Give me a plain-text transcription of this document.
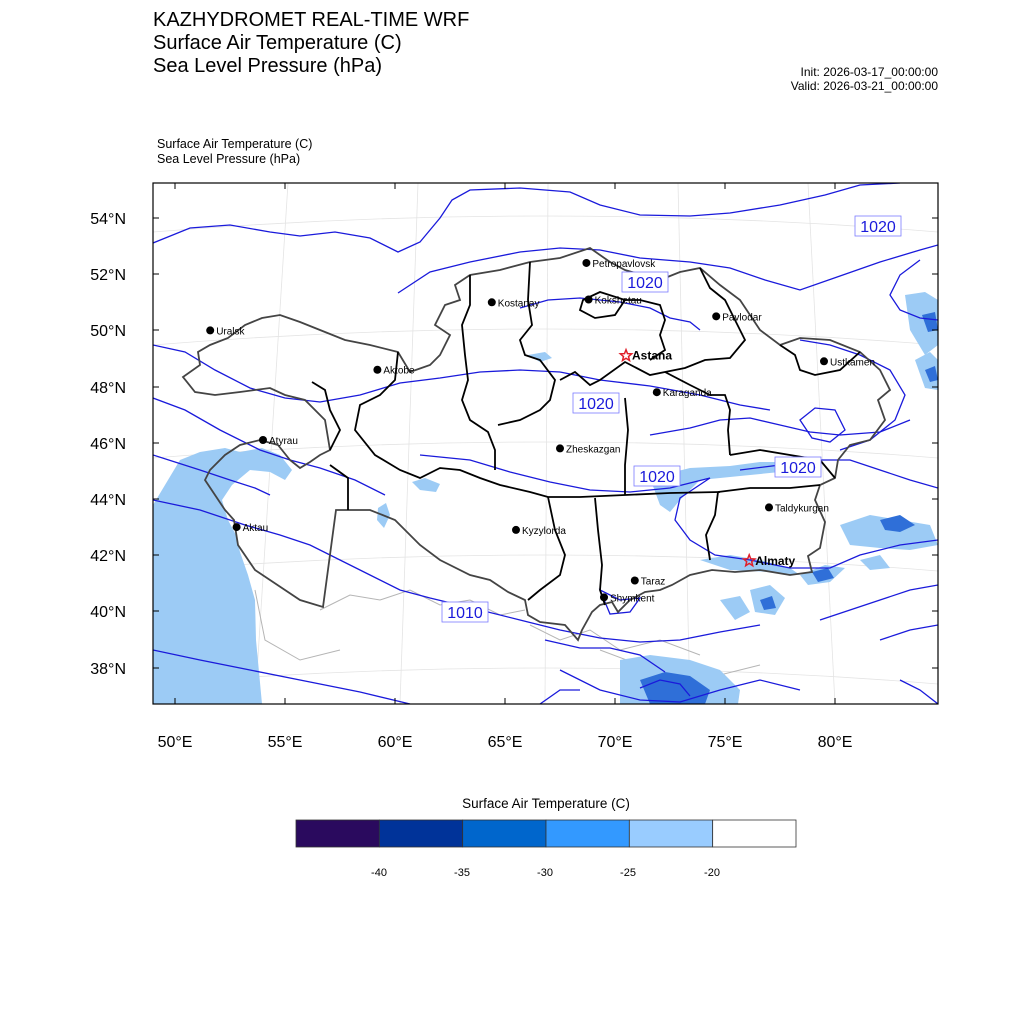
KAZHYDROMET REAL-TIME WRF
Surface Air Temperature (C)
Sea Level Pressure (hPa)	Init: 2026-03-17_00:00:00
Valid: 2026-03-21_00:00:00
Surface Air Temperature (C)
Sea Level Pressure (hPa)
54°N
52°N
50°N
48°N
46°N
44°N
42°N
40°N
38°N
50°E	55°E	60°E	65°E	70°E	75°E	80°E
1020
1020
1020
1020
1020
1010
Petropavlovsk
Kostanay	Kokshetau
Pavlodar
Uralsk
Astana
Ustkamen
Aktobe
Karaganda
Atyrau
Zheskazgan
Taldykurgan
Aktau	Kyzylorda
Almaty
Taraz
Shymkent
Surface Air Temperature (C)
-40	-35	-30	-25	-20
